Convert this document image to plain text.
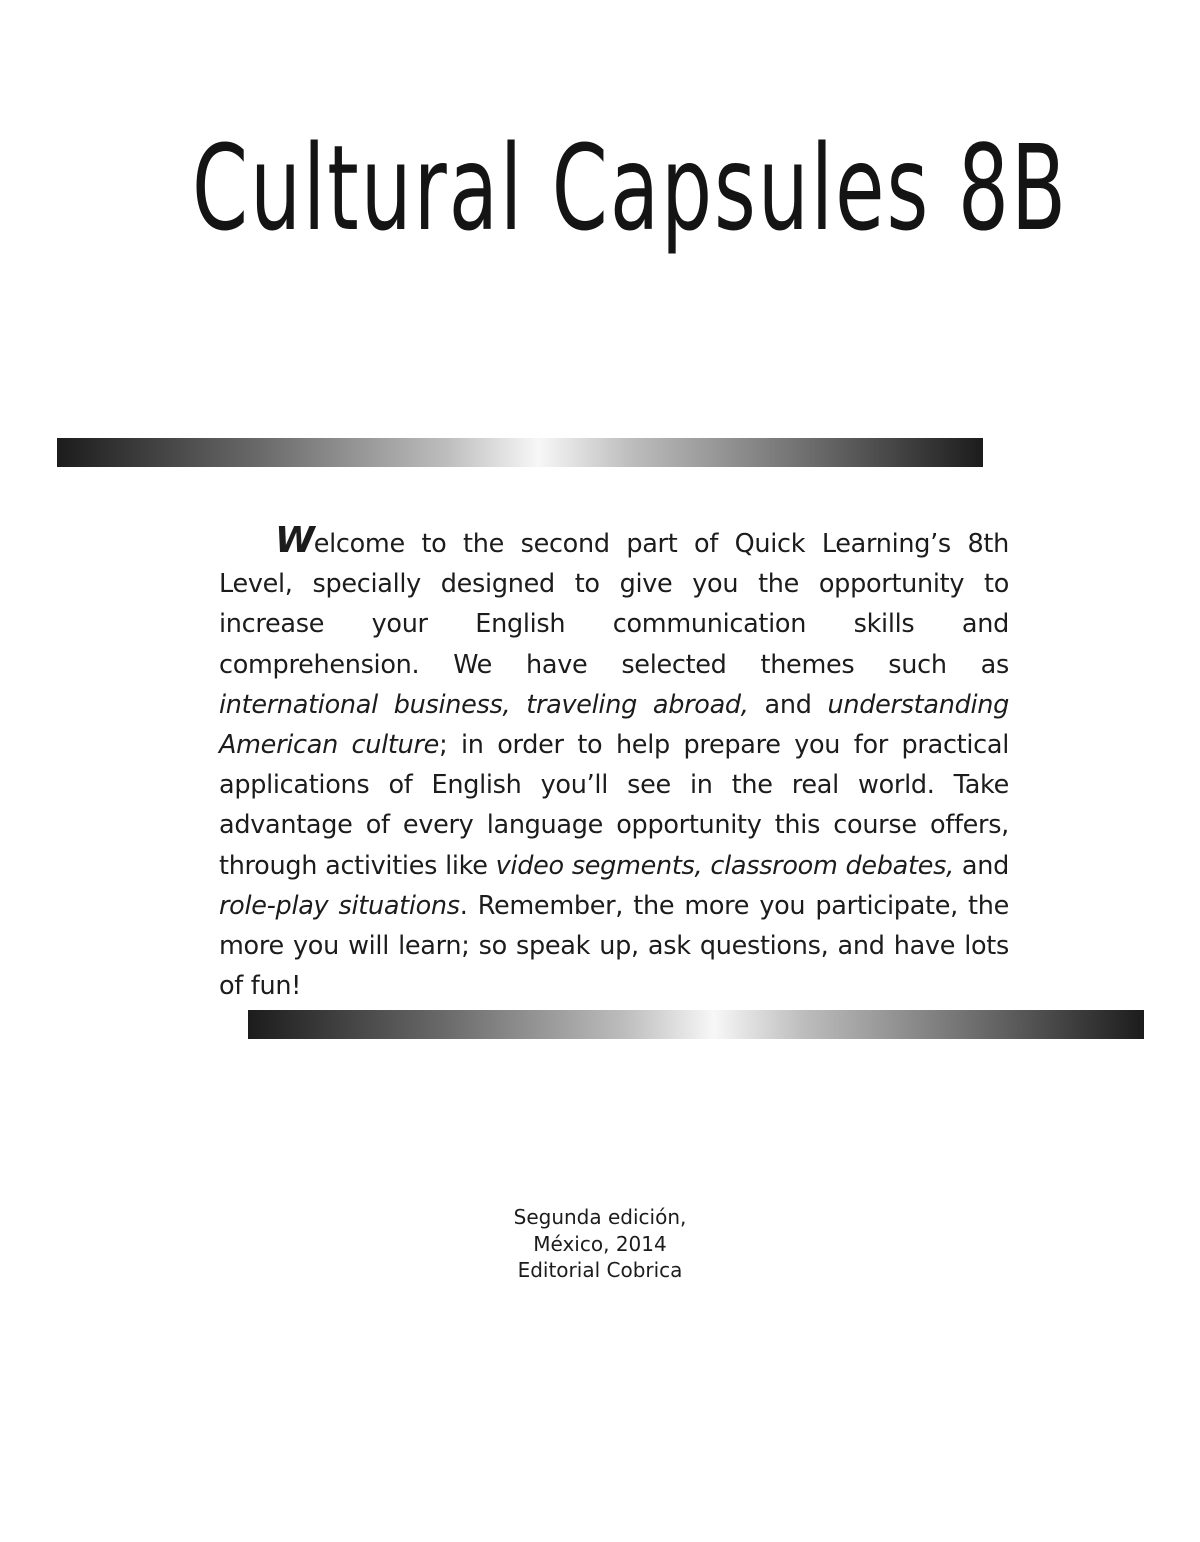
Cultural Capsules 8B

Welcome to the second part of Quick Learning’s 8th Level, specially designed to give you the opportunity to increase your English communication skills and comprehension. We have selected themes such as international business, traveling abroad, and understanding American culture; in order to help prepare you for practical applications of English you’ll see in the real world. Take advantage of every language opportunity this course offers, through activities like video segments, classroom debates, and role-play situations. Remember, the more you participate, the more you will learn; so speak up, ask questions, and have lots of fun!

Segunda edición,
México, 2014
Editorial Cobrica
